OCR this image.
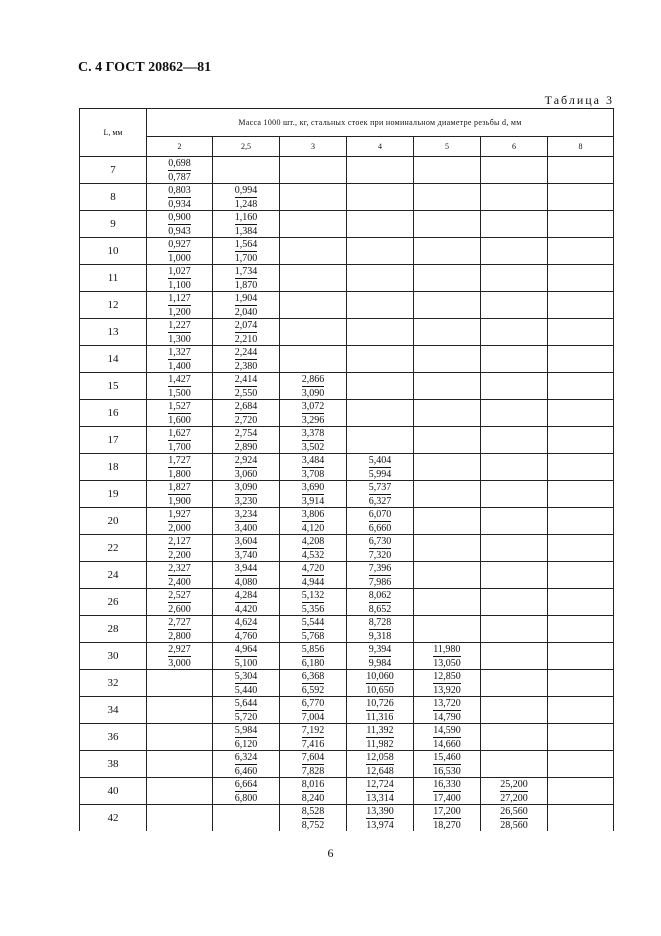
С. 4 ГОСТ 20862—81
Таблица 3
L, мм	Масса 1000 шт., кг, стальных стоек при номинальном диаметре резьбы d, мм						
	2	2,5	3	4	5	6	8
7	$\frac{0,698}{0,787}$

8	$\frac{0,803}{0,934}$	$\frac{0,994}{1,248}$

9	$\frac{0,900}{0,943}$	$\frac{1,160}{1,384}$

10	$\frac{0,927}{1,000}$	$\frac{1,564}{1,700}$

11	$\frac{1,027}{1,100}$	$\frac{1,734}{1,870}$

12	$\frac{1,127}{1,200}$	$\frac{1,904}{2,040}$

13	$\frac{1,227}{1,300}$	$\frac{2,074}{2,210}$

14	$\frac{1,327}{1,400}$	$\frac{2,244}{2,380}$

15	$\frac{1,427}{1,500}$	$\frac{2,414}{2,550}$	$\frac{2,866}{3,090}$

16	$\frac{1,527}{1,600}$	$\frac{2,684}{2,720}$	$\frac{3,072}{3,296}$

17	$\frac{1,627}{1,700}$	$\frac{2,754}{2,890}$	$\frac{3,378}{3,502}$

18	$\frac{1,727}{1,800}$	$\frac{2,924}{3,060}$	$\frac{3,484}{3,708}$	$\frac{5,404}{5,994}$

19	$\frac{1,827}{1,900}$	$\frac{3,090}{3,230}$	$\frac{3,690}{3,914}$	$\frac{5,737}{6,327}$

20	$\frac{1,927}{2,000}$	$\frac{3,234}{3,400}$	$\frac{3,806}{4,120}$	$\frac{6,070}{6,660}$

22	$\frac{2,127}{2,200}$	$\frac{3,604}{3,740}$	$\frac{4,208}{4,532}$	$\frac{6,730}{7,320}$

24	$\frac{2,327}{2,400}$	$\frac{3,944}{4,080}$	$\frac{4,720}{4,944}$	$\frac{7,396}{7,986}$

26	$\frac{2,527}{2,600}$	$\frac{4,284}{4,420}$	$\frac{5,132}{5,356}$	$\frac{8,062}{8,652}$

28	$\frac{2,727}{2,800}$	$\frac{4,624}{4,760}$	$\frac{5,544}{5,768}$	$\frac{8,728}{9,318}$

30	$\frac{2,927}{3,000}$	$\frac{4,964}{5,100}$	$\frac{5,856}{6,180}$	$\frac{9,394}{9,984}$	$\frac{11,980}{13,050}$

32		$\frac{5,304}{5,440}$	$\frac{6,368}{6,592}$	$\frac{10,060}{10,650}$	$\frac{12,850}{13,920}$

34		$\frac{5,644}{5,720}$	$\frac{6,770}{7,004}$	$\frac{10,726}{11,316}$	$\frac{13,720}{14,790}$

36		$\frac{5,984}{6,120}$	$\frac{7,192}{7,416}$	$\frac{11,392}{11,982}$	$\frac{14,590}{14,660}$

38		$\frac{6,324}{6,460}$	$\frac{7,604}{7,828}$	$\frac{12,058}{12,648}$	$\frac{15,460}{16,530}$

40		$\frac{6,664}{6,800}$	$\frac{8,016}{8,240}$	$\frac{12,724}{13,314}$	$\frac{16,330}{17,400}$	$\frac{25,200}{27,200}$

42			$\frac{8,528}{8,752}$	$\frac{13,390}{13,974}$	$\frac{17,200}{18,270}$	$\frac{26,560}{28,560}$

6
